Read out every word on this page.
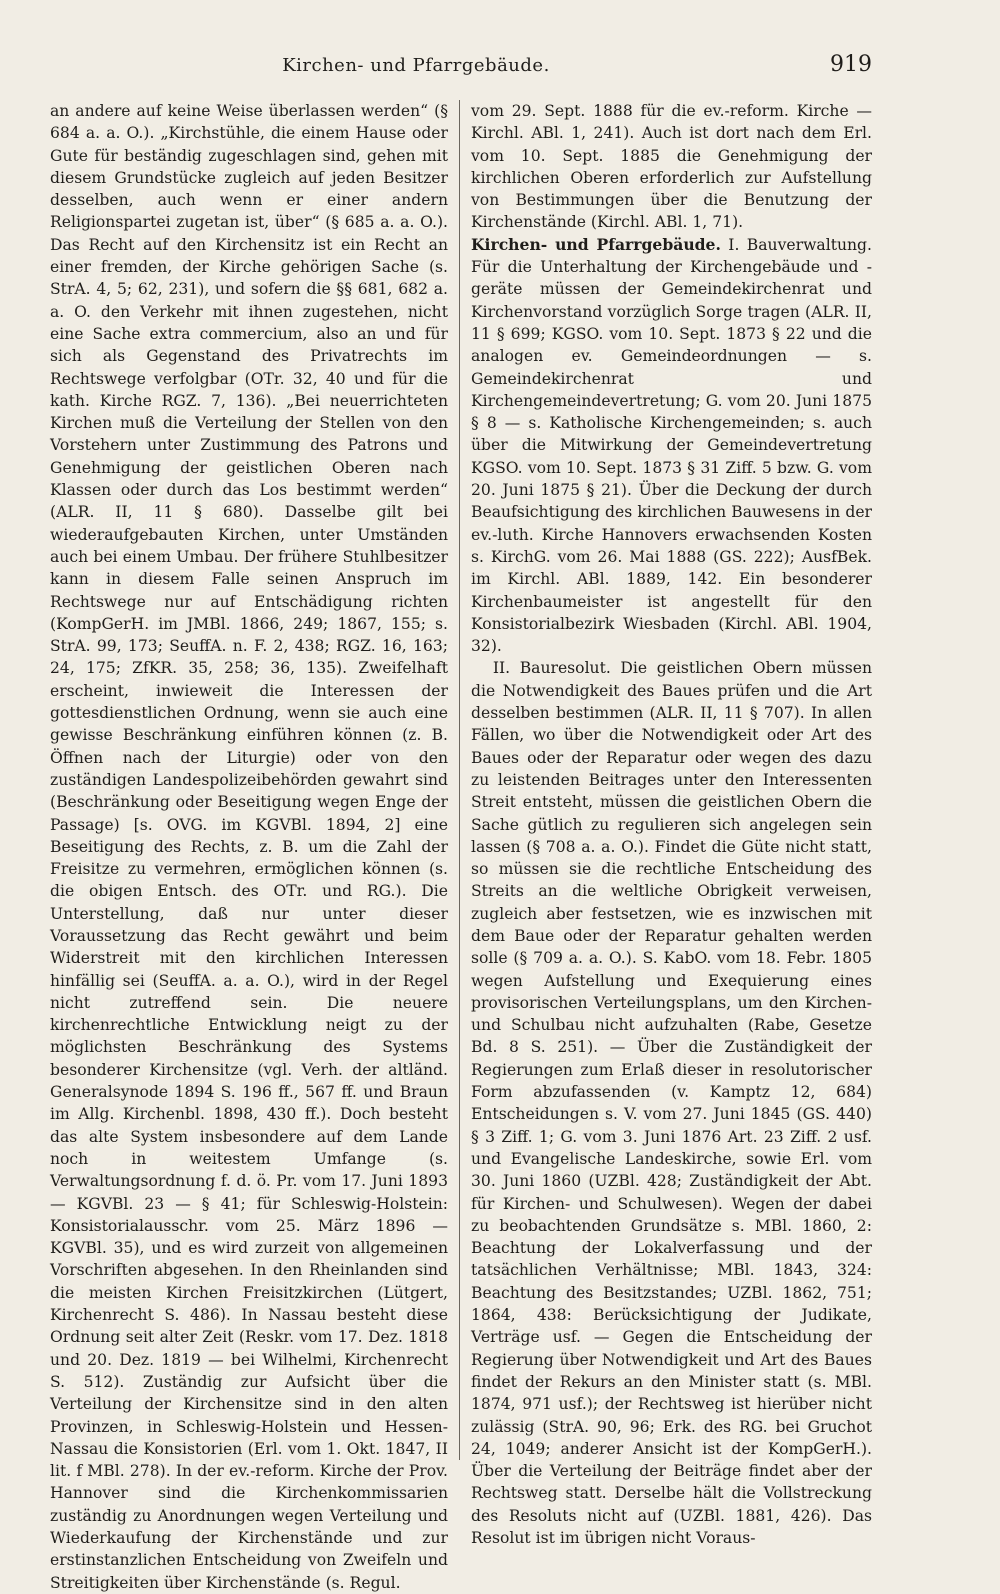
Kirchen- und Pfarrgebäude.	919

an andere auf keine Weise überlassen werden“ (§ 684 a. a. O.). „Kirchstühle, die einem Hause oder Gute für beständig zugeschlagen sind, gehen mit diesem Grundstücke zugleich auf jeden Besitzer desselben, auch wenn er einer andern Religionspartei zugetan ist, über“ (§ 685 a. a. O.). Das Recht auf den Kirchensitz ist ein Recht an einer fremden, der Kirche gehörigen Sache (s. StrA. 4, 5; 62, 231), und sofern die §§ 681, 682 a. a. O. den Verkehr mit ihnen zugestehen, nicht eine Sache extra commercium, also an und für sich als Gegenstand des Privatrechts im Rechtswege verfolgbar (OTr. 32, 40 und für die kath. Kirche RGZ. 7, 136). „Bei neuerrichteten Kirchen muß die Verteilung der Stellen von den Vorstehern unter Zustimmung des Patrons und Genehmigung der geistlichen Oberen nach Klassen oder durch das Los bestimmt werden“ (ALR. II, 11 § 680). Dasselbe gilt bei wiederaufgebauten Kirchen, unter Umständen auch bei einem Umbau. Der frühere Stuhlbesitzer kann in diesem Falle seinen Anspruch im Rechtswege nur auf Entschädigung richten (KompGerH. im JMBl. 1866, 249; 1867, 155; s. StrA. 99, 173; SeuffA. n. F. 2, 438; RGZ. 16, 163; 24, 175; ZfKR. 35, 258; 36, 135). Zweifelhaft erscheint, inwieweit die Interessen der gottesdienstlichen Ordnung, wenn sie auch eine gewisse Beschränkung einführen können (z. B. Öffnen nach der Liturgie) oder von den zuständigen Landespolizeibehörden gewahrt sind (Beschränkung oder Beseitigung wegen Enge der Passage) [s. OVG. im KGVBl. 1894, 2] eine Beseitigung des Rechts, z. B. um die Zahl der Freisitze zu vermehren, ermöglichen können (s. die obigen Entsch. des OTr. und RG.). Die Unterstellung, daß nur unter dieser Voraussetzung das Recht gewährt und beim Widerstreit mit den kirchlichen Interessen hinfällig sei (SeuffA. a. a. O.), wird in der Regel nicht zutreffend sein. Die neuere kirchenrechtliche Entwicklung neigt zu der möglichsten Beschränkung des Systems besonderer Kirchensitze (vgl. Verh. der altländ. Generalsynode 1894 S. 196 ff., 567 ff. und Braun im Allg. Kirchenbl. 1898, 430 ff.). Doch besteht das alte System insbesondere auf dem Lande noch in weitestem Umfange (s. Verwaltungsordnung f. d. ö. Pr. vom 17. Juni 1893 — KGVBl. 23 — § 41; für Schleswig-Holstein: Konsistorialausschr. vom 25. März 1896 — KGVBl. 35), und es wird zurzeit von allgemeinen Vorschriften abgesehen. In den Rheinlanden sind die meisten Kirchen Freisitzkirchen (Lütgert, Kirchenrecht S. 486). In Nassau besteht diese Ordnung seit alter Zeit (Reskr. vom 17. Dez. 1818 und 20. Dez. 1819 — bei Wilhelmi, Kirchenrecht S. 512). Zuständig zur Aufsicht über die Verteilung der Kirchensitze sind in den alten Provinzen, in Schleswig-Holstein und Hessen-Nassau die Konsistorien (Erl. vom 1. Okt. 1847, II lit. f MBl. 278). In der ev.-reform. Kirche der Prov. Hannover sind die Kirchenkommissarien zuständig zu Anordnungen wegen Verteilung und Wiederkaufung der Kirchenstände und zur erstinstanzlichen Entscheidung von Zweifeln und Streitigkeiten über Kirchenstände (s. Regul.

vom 29. Sept. 1888 für die ev.-reform. Kirche — Kirchl. ABl. 1, 241). Auch ist dort nach dem Erl. vom 10. Sept. 1885 die Genehmigung der kirchlichen Oberen erforderlich zur Aufstellung von Bestimmungen über die Benutzung der Kirchenstände (Kirchl. ABl. 1, 71).

Kirchen- und Pfarrgebäude. I. Bauverwaltung. Für die Unterhaltung der Kirchengebäude und -geräte müssen der Gemeindekirchenrat und Kirchenvorstand vorzüglich Sorge tragen (ALR. II, 11 § 699; KGSO. vom 10. Sept. 1873 § 22 und die analogen ev. Gemeindeordnungen — s. Gemeindekirchenrat und Kirchengemeindevertretung; G. vom 20. Juni 1875 § 8 — s. Katholische Kirchengemeinden; s. auch über die Mitwirkung der Gemeindevertretung KGSO. vom 10. Sept. 1873 § 31 Ziff. 5 bzw. G. vom 20. Juni 1875 § 21). Über die Deckung der durch Beaufsichtigung des kirchlichen Bauwesens in der ev.-luth. Kirche Hannovers erwachsenden Kosten s. KirchG. vom 26. Mai 1888 (GS. 222); AusfBek. im Kirchl. ABl. 1889, 142. Ein besonderer Kirchenbaumeister ist angestellt für den Konsistorialbezirk Wiesbaden (Kirchl. ABl. 1904, 32).

II. Bauresolut. Die geistlichen Obern müssen die Notwendigkeit des Baues prüfen und die Art desselben bestimmen (ALR. II, 11 § 707). In allen Fällen, wo über die Notwendigkeit oder Art des Baues oder der Reparatur oder wegen des dazu zu leistenden Beitrages unter den Interessenten Streit entsteht, müssen die geistlichen Obern die Sache gütlich zu regulieren sich angelegen sein lassen (§ 708 a. a. O.). Findet die Güte nicht statt, so müssen sie die rechtliche Entscheidung des Streits an die weltliche Obrigkeit verweisen, zugleich aber festsetzen, wie es inzwischen mit dem Baue oder der Reparatur gehalten werden solle (§ 709 a. a. O.). S. KabO. vom 18. Febr. 1805 wegen Aufstellung und Exequierung eines provisorischen Verteilungsplans, um den Kirchen- und Schulbau nicht aufzuhalten (Rabe, Gesetze Bd. 8 S. 251). — Über die Zuständigkeit der Regierungen zum Erlaß dieser in resolutorischer Form abzufassenden (v. Kamptz 12, 684) Entscheidungen s. V. vom 27. Juni 1845 (GS. 440) § 3 Ziff. 1; G. vom 3. Juni 1876 Art. 23 Ziff. 2 usf. und Evangelische Landeskirche, sowie Erl. vom 30. Juni 1860 (UZBl. 428; Zuständigkeit der Abt. für Kirchen- und Schulwesen). Wegen der dabei zu beobachtenden Grundsätze s. MBl. 1860, 2: Beachtung der Lokalverfassung und der tatsächlichen Verhältnisse; MBl. 1843, 324: Beachtung des Besitzstandes; UZBl. 1862, 751; 1864, 438: Berücksichtigung der Judikate, Verträge usf. — Gegen die Entscheidung der Regierung über Notwendigkeit und Art des Baues findet der Rekurs an den Minister statt (s. MBl. 1874, 971 usf.); der Rechtsweg ist hierüber nicht zulässig (StrA. 90, 96; Erk. des RG. bei Gruchot 24, 1049; anderer Ansicht ist der KompGerH.). Über die Verteilung der Beiträge findet aber der Rechtsweg statt. Derselbe hält die Vollstreckung des Resoluts nicht auf (UZBl. 1881, 426). Das Resolut ist im übrigen nicht Voraus-
